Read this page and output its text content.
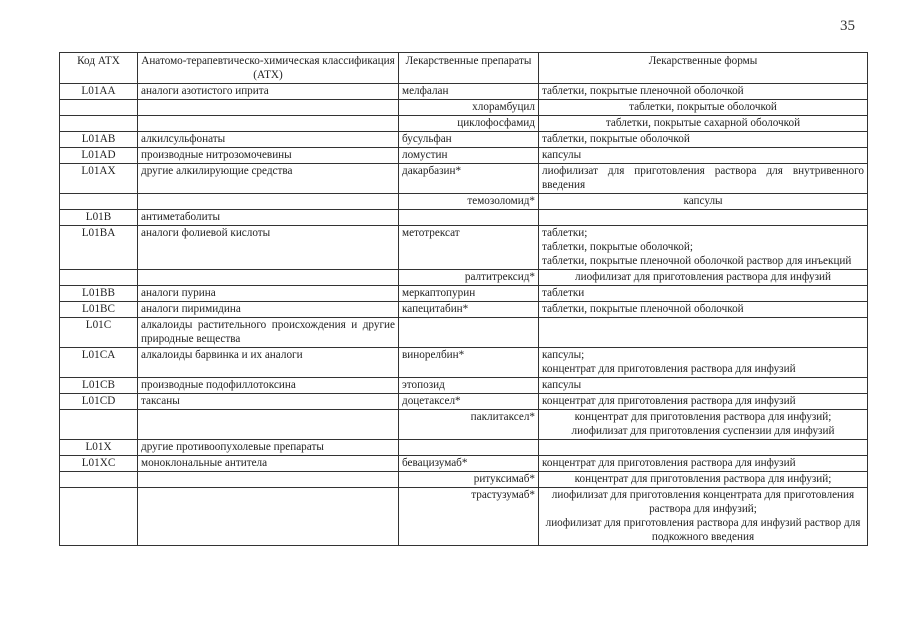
35
Код АТХ	Анатомо-терапевтическо-химическая классификация (АТХ)	Лекарственные препараты	Лекарственные формы
L01AA	аналоги азотистого иприта	мелфалан	таблетки, покрытые пленочной оболочкой

		хлорамбуцил	таблетки, покрытые оболочкой

		циклофосфамид	таблетки, покрытые сахарной оболочкой

L01AB	алкилсульфонаты	бусульфан	таблетки, покрытые оболочкой

L01AD	производные нитрозомочевины	ломустин	капсулы

L01AX	другие алкилирующие средства	дакарбазин*	лиофилизат для приготовления раствора для внутривенного введения

		темозоломид*	капсулы

L01B	антиметаболиты		
L01BA	аналоги фолиевой кислоты	метотрексат	таблетки;
таблетки, покрытые оболочкой;
таблетки, покрытые пленочной оболочкой раствор для инъекций

		ралтитрексид*	лиофилизат для приготовления раствора для инфузий

L01BB	аналоги пурина	меркаптопурин	таблетки

L01BC	аналоги пиримидина	капецитабин*	таблетки, покрытые пленочной оболочкой

L01C	алкалоиды растительного происхождения и другие природные вещества		
L01CA	алкалоиды барвинка и их аналоги	винорелбин*	капсулы;
концентрат для приготовления раствора для инфузий

L01CB	производные подофиллотоксина	этопозид	капсулы

L01CD	таксаны	доцетаксел*	концентрат для приготовления раствора для инфузий

		паклитаксел*	концентрат для приготовления раствора для инфузий;
лиофилизат для приготовления суспензии для инфузий

L01X	другие противоопухолевые препараты		
L01XC	моноклональные антитела	бевацизумаб*	концентрат для приготовления раствора для инфузий

		ритуксимаб*	концентрат для приготовления раствора для инфузий;

		трастузумаб*	лиофилизат для приготовления концентрата для приготовления раствора для инфузий;
лиофилизат для приготовления раствора для инфузий раствор для подкожного введения
